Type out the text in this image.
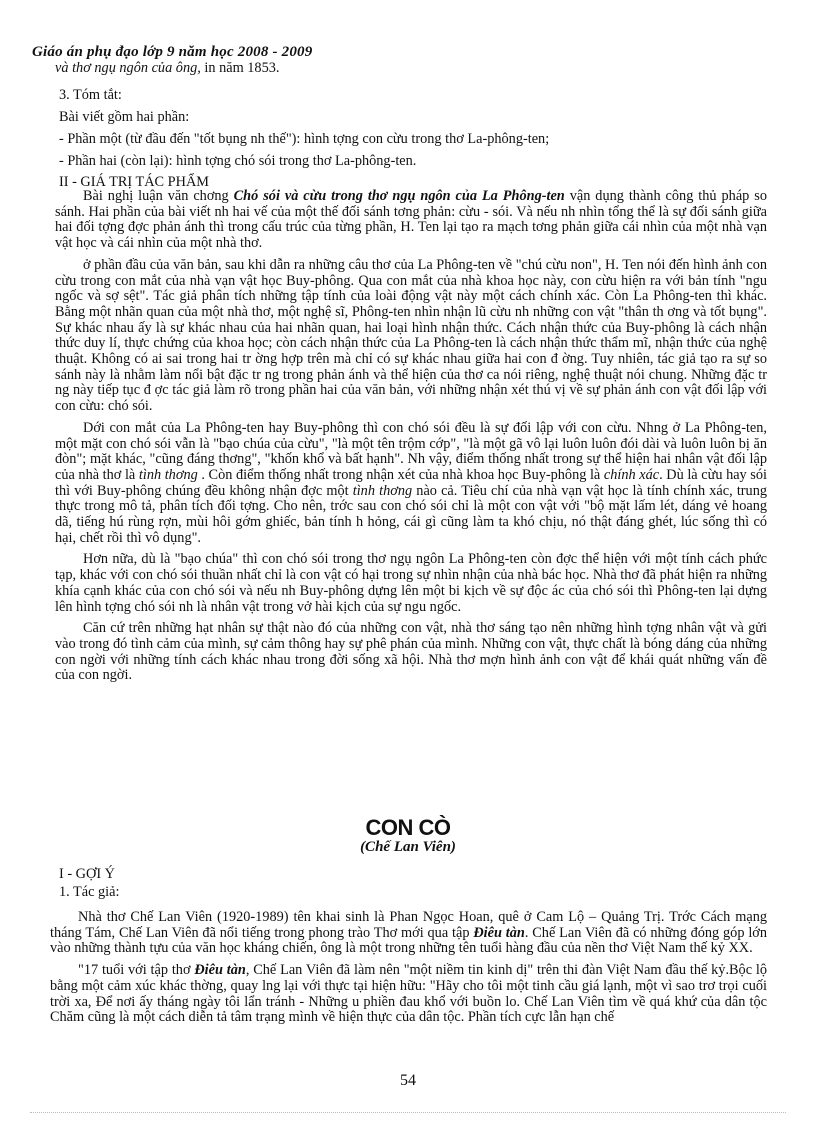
Giáo án phụ đạo lớp 9 năm học 2008 - 2009
và thơ ngụ ngôn của ông, in năm 1853.
3. Tóm tắt:
Bài viết gồm hai phần:
- Phần một (từ đầu đến "tốt bụng nh thế"): hình tợng con cừu trong thơ La-phông-ten;
- Phần hai (còn lại): hình tợng chó sói trong thơ La-phông-ten.
II - GIÁ TRỊ TÁC PHẨM

Bài nghị luận văn chơng Chó sói và cừu trong thơ ngụ ngôn của La Phông-ten vận dụng thành công thủ pháp so sánh. Hai phần của bài viết nh hai vế của một thế đối sánh tơng phản: cừu - sói. Và nếu nh nhìn tổng thể là sự đối sánh giữa hai đối tợng đợc phản ánh thì trong cấu trúc của từng phần, H. Ten lại tạo ra mạch tơng phản giữa cái nhìn của một nhà vạn vật học và cái nhìn của một nhà thơ.

ở phần đầu của văn bản, sau khi dẫn ra những câu thơ của La Phông-ten về "chú cừu non", H. Ten nói đến hình ảnh con cừu trong con mắt của nhà vạn vật học Buy-phông. Qua con mắt của nhà khoa học này, con cừu hiện ra với bản tính "ngu ngốc và sợ sệt". Tác giả phân tích những tập tính của loài động vật này một cách chính xác. Còn La Phông-ten thì khác. Bằng một nhãn quan của một nhà thơ, một nghệ sĩ, Phông-ten nhìn nhận lũ cừu nh những con vật "thân th ơng và tốt bụng". Sự khác nhau ấy là sự khác nhau của hai nhãn quan, hai loại hình nhận thức. Cách nhận thức của Buy-phông là cách nhận thức duy lí, thực chứng của khoa học; còn cách nhận thức của La Phông-ten là cách nhận thức thẩm mĩ, nhận thức của nghệ thuật. Không có ai sai trong hai tr ờng hợp trên mà chỉ có sự khác nhau giữa hai con đ ờng. Tuy nhiên, tác giả tạo ra sự so sánh này là nhằm làm nổi bật đặc tr ng trong phản ánh và thể hiện của thơ ca nói riêng, nghệ thuật nói chung. Những đặc tr ng này tiếp tục đ ợc tác giả làm rõ trong phần hai của văn bản, với những nhận xét thú vị về sự phản ánh con vật đối lập với con cừu: chó sói.

Dới con mắt của La Phông-ten hay Buy-phông thì con chó sói đều là sự đối lập với con cừu. Nhng ở La Phông-ten, một mặt con chó sói vẫn là "bạo chúa của cừu", "là một tên trộm cớp", "là một gã vô lại luôn luôn đói dài và luôn luôn bị ăn đòn"; mặt khác, "cũng đáng thơng", "khốn khổ và bất hạnh". Nh vậy, điểm thống nhất trong sự thể hiện hai nhân vật đối lập của nhà thơ là tình thơng . Còn điểm thống nhất trong nhận xét của nhà khoa học Buy-phông là chính xác. Dù là cừu hay sói thì với Buy-phông chúng đều không nhận đợc một tình thơng nào cả. Tiêu chí của nhà vạn vật học là tính chính xác, trung thực trong mô tả, phân tích đối tợng. Cho nên, trớc sau con chó sói chỉ là một con vật với "bộ mặt lấm lét, dáng vẻ hoang dã, tiếng hú rùng rợn, mùi hôi gớm ghiếc, bản tính h hỏng, cái gì cũng làm ta khó chịu, nó thật đáng ghét, lúc sống thì có hại, chết rồi thì vô dụng".

Hơn nữa, dù là "bạo chúa" thì con chó sói trong thơ ngụ ngôn La Phông-ten còn đợc thể hiện với một tính cách phức tạp, khác với con chó sói thuần nhất chỉ là con vật có hại trong sự nhìn nhận của nhà bác học. Nhà thơ đã phát hiện ra những khía cạnh khác của con chó sói và nếu nh Buy-phông dựng lên một bi kịch về sự độc ác của chó sói thì Phông-ten lại dựng lên hình tợng chó sói nh là nhân vật trong vở hài kịch của sự ngu ngốc.

Căn cứ trên những hạt nhân sự thật nào đó của những con vật, nhà thơ sáng tạo nên những hình tợng nhân vật và gửi vào trong đó tình cảm của mình, sự cảm thông hay sự phê phán của mình. Những con vật, thực chất là bóng dáng của những con ngời với những tính cách khác nhau trong đời sống xã hội. Nhà thơ mợn hình ảnh con vật để khái quát những vấn đề của con ngời.

CON CÒ
(Chế Lan Viên)
I - GỢI Ý
1. Tác giả:

Nhà thơ Chế Lan Viên (1920-1989) tên khai sinh là Phan Ngọc Hoan, quê ở Cam Lộ – Quảng Trị. Trớc Cách mạng tháng Tám, Chế Lan Viên đã nổi tiếng trong phong trào Thơ mới qua tập Điêu tàn. Chế Lan Viên đã có những đóng góp lớn vào những thành tựu của văn học kháng chiến, ông là một trong những tên tuổi hàng đầu của nền thơ Việt Nam thế kỷ XX.

"17 tuổi với tập thơ Điêu tàn, Chế Lan Viên đã làm nên "một niềm tin kinh dị" trên thi đàn Việt Nam đầu thế kỷ.Bộc lộ bằng một cảm xúc khác thờng, quay lng lại với thực tại hiện hữu: "Hãy cho tôi một tinh cầu giá lạnh, một vì sao trơ trọi cuối trời xa, Để nơi ấy tháng ngày tôi lẩn tránh - Những u phiền đau khổ với buồn lo. Chế Lan Viên tìm về quá khứ của dân tộc Chăm cũng là một cách diễn tả tâm trạng mình về hiện thực của dân tộc. Phần tích cực lẫn hạn chế

54
